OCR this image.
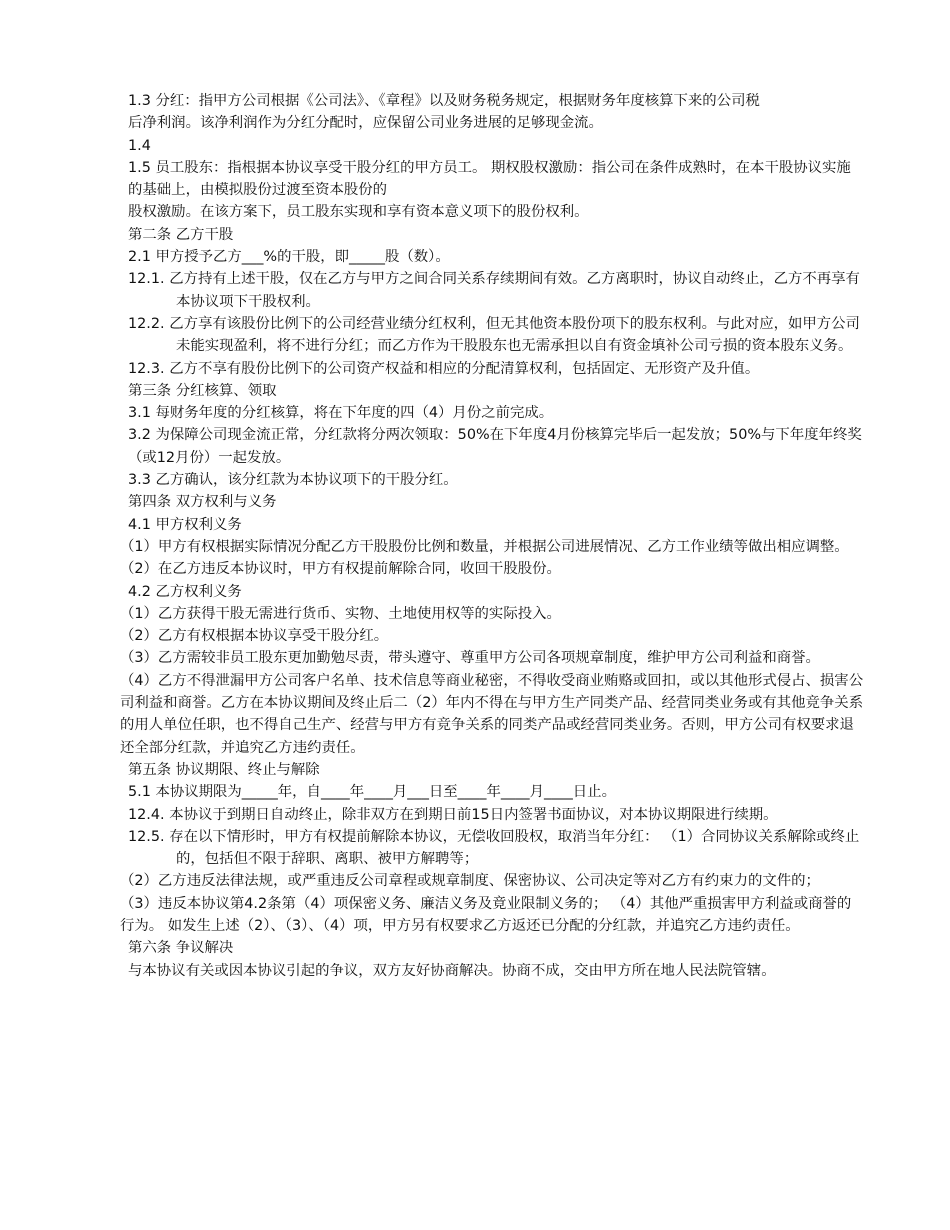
1.3 分红：指甲方公司根据《公司法》、《章程》以及财务税务规定，根据财务年度核算下来的公司税

后净利润。该净利润作为分红分配时，应保留公司业务进展的足够现金流。

1.4

1.5 员工股东：指根据本协议享受干股分红的甲方员工。 期权股权激励：指公司在条件成熟时，在本干股协议实施的基础上，由模拟股份过渡至资本股份的

股权激励。在该方案下，员工股东实现和享有资本意义项下的股份权利。

第二条 乙方干股

2.1 甲方授予乙方___%的干股，即_____股（数）。

12.1. 乙方持有上述干股，仅在乙方与甲方之间合同关系存续期间有效。乙方离职时，协议自动终止，乙方不再享有本协议项下干股权利。

12.2. 乙方享有该股份比例下的公司经营业绩分红权利，但无其他资本股份项下的股东权利。与此对应，如甲方公司未能实现盈利，将不进行分红；而乙方作为干股股东也无需承担以自有资金填补公司亏损的资本股东义务。

12.3. 乙方不享有股份比例下的公司资产权益和相应的分配清算权利，包括固定、无形资产及升值。

第三条 分红核算、领取

3.1 每财务年度的分红核算，将在下年度的四（4）月份之前完成。

3.2 为保障公司现金流正常，分红款将分两次领取：50%在下年度4月份核算完毕后一起发放；50%与下年度年终奖（或12月份）一起发放。

3.3 乙方确认，该分红款为本协议项下的干股分红。

第四条 双方权利与义务

4.1 甲方权利义务

（1）甲方有权根据实际情况分配乙方干股股份比例和数量，并根据公司进展情况、乙方工作业绩等做出相应调整。

（2）在乙方违反本协议时，甲方有权提前解除合同，收回干股股份。

4.2 乙方权利义务

（1）乙方获得干股无需进行货币、实物、土地使用权等的实际投入。

（2）乙方有权根据本协议享受干股分红。

（3）乙方需较非员工股东更加勤勉尽责，带头遵守、尊重甲方公司各项规章制度，维护甲方公司利益和商誉。

（4）乙方不得泄漏甲方公司客户名单、技术信息等商业秘密，不得收受商业贿赂或回扣，或以其他形式侵占、损害公司利益和商誉。乙方在本协议期间及终止后二（2）年内不得在与甲方生产同类产品、经营同类业务或有其他竞争关系的用人单位任职，也不得自己生产、经营与甲方有竞争关系的同类产品或经营同类业务。否则，甲方公司有权要求退还全部分红款，并追究乙方违约责任。

第五条 协议期限、终止与解除

5.1 本协议期限为_____年，自____年____月___日至____年____月____日止。

12.4. 本协议于到期日自动终止，除非双方在到期日前15日内签署书面协议，对本协议期限进行续期。

12.5. 存在以下情形时，甲方有权提前解除本协议，无偿收回股权，取消当年分红： （1）合同协议关系解除或终止的，包括但不限于辞职、离职、被甲方解聘等；

（2）乙方违反法律法规，或严重违反公司章程或规章制度、保密协议、公司决定等对乙方有约束力的文件的；

（3）违反本协议第4.2条第（4）项保密义务、廉洁义务及竟业限制义务的； （4）其他严重损害甲方利益或商誉的行为。 如发生上述（2）、（3）、（4）项，甲方另有权要求乙方返还已分配的分红款，并追究乙方违约责任。

第六条 争议解决

与本协议有关或因本协议引起的争议，双方友好协商解决。协商不成，交由甲方所在地人民法院管辖。
